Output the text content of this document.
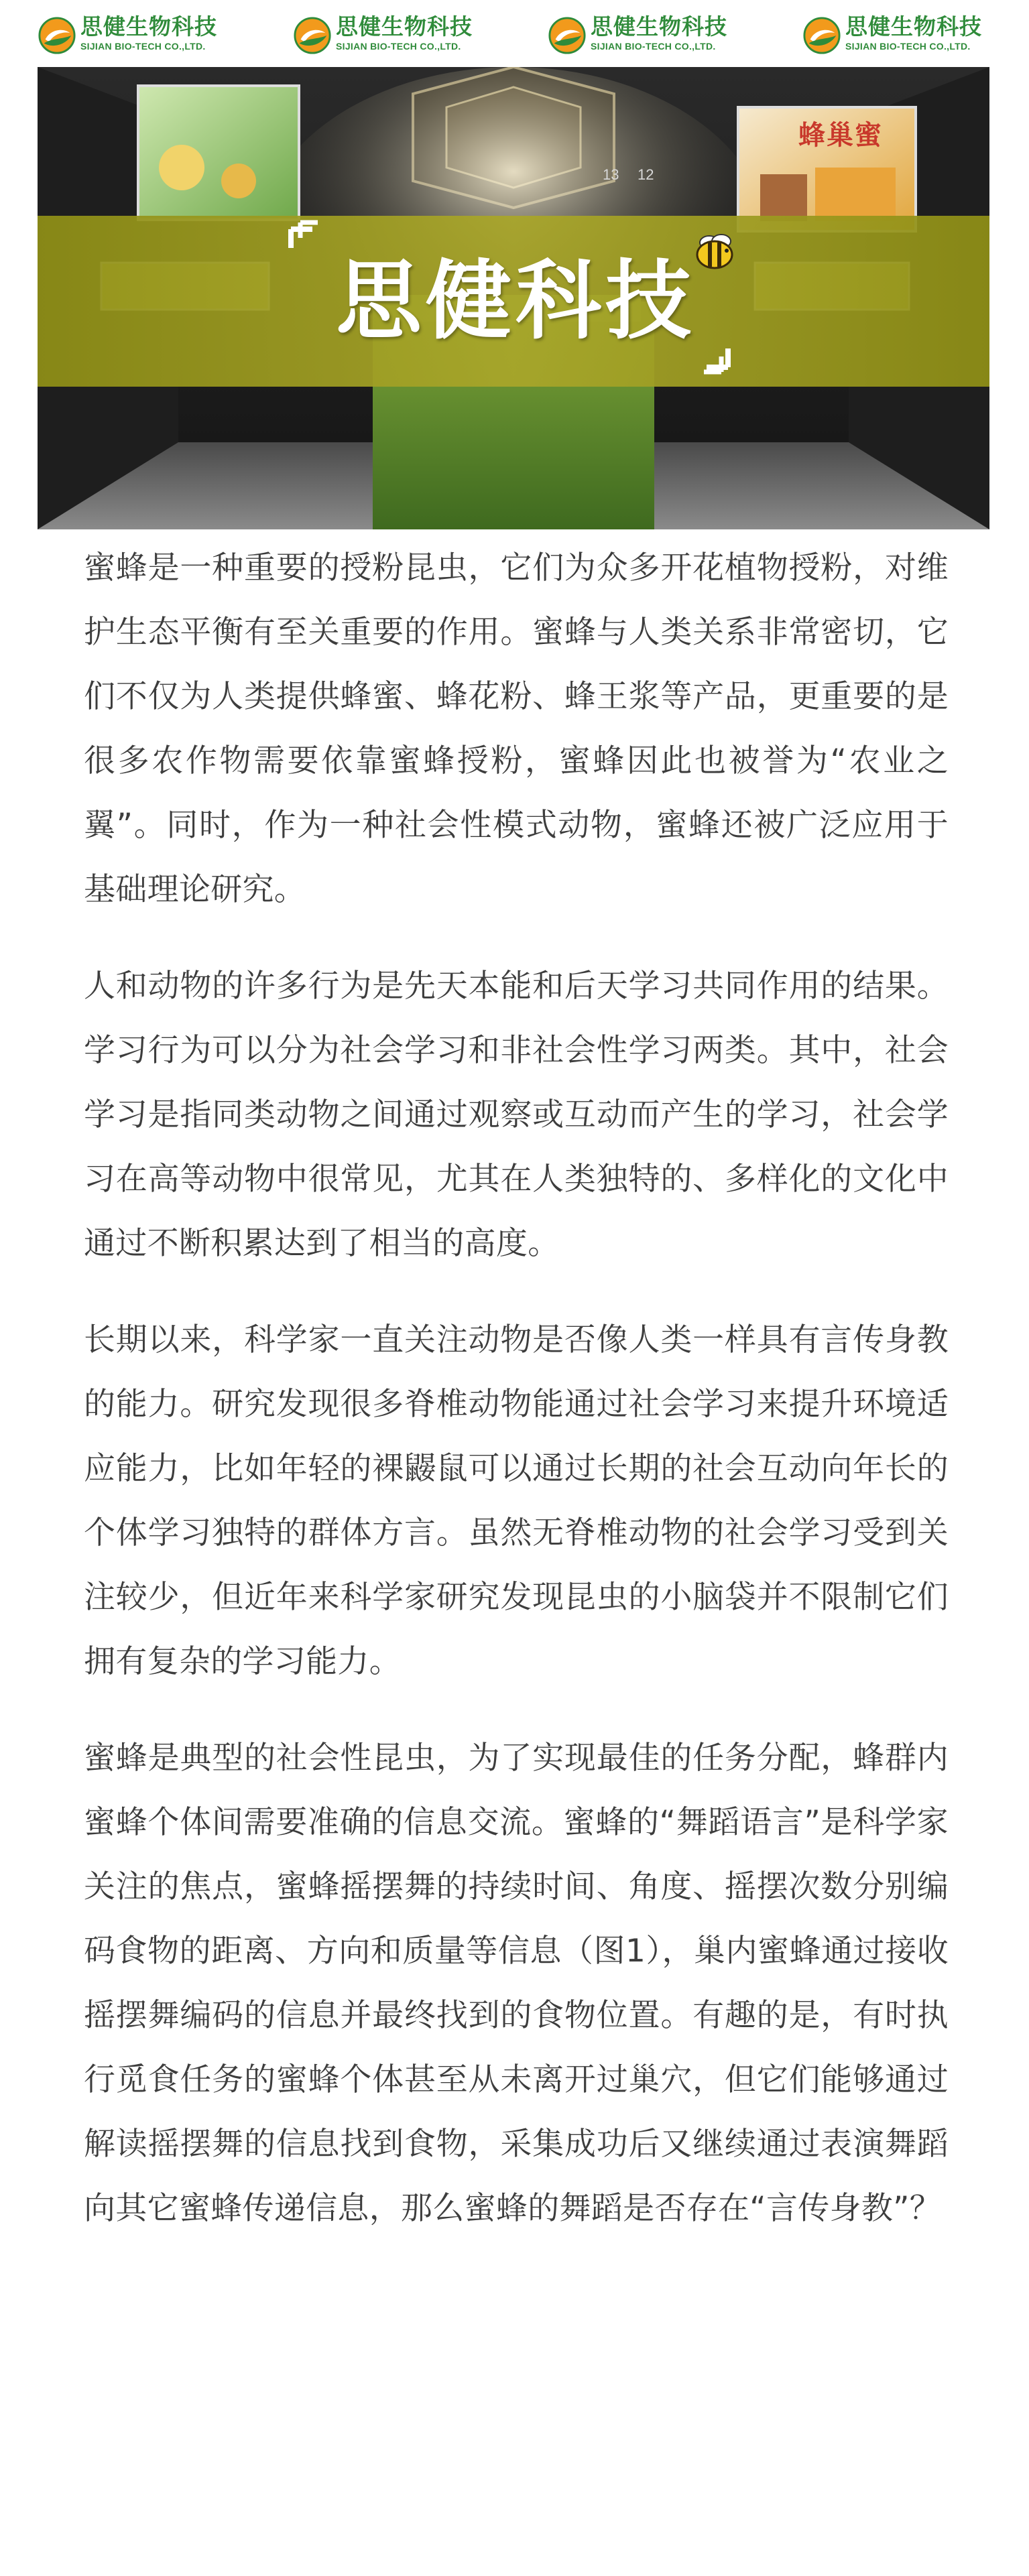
思健生物科技
SIJIAN BIO-TECH CO.,LTD.
思健生物科技
SIJIAN BIO-TECH CO.,LTD.
思健生物科技
SIJIAN BIO-TECH CO.,LTD.
思健生物科技
SIJIAN BIO-TECH CO.,LTD.
13 12
蜂巢蜜
思健科技

蜜蜂是一种重要的授粉昆虫，它们为众多开花植物授粉，对维护生态平衡有至关重要的作用。蜜蜂与人类关系非常密切，它们不仅为人类提供蜂蜜、蜂花粉、蜂王浆等产品，更重要的是很多农作物需要依靠蜜蜂授粉，蜜蜂因此也被誉为“农业之翼”。同时，作为一种社会性模式动物，蜜蜂还被广泛应用于基础理论研究。

人和动物的许多行为是先天本能和后天学习共同作用的结果。学习行为可以分为社会学习和非社会性学习两类。其中，社会学习是指同类动物之间通过观察或互动而产生的学习，社会学习在高等动物中很常见，尤其在人类独特的、多样化的文化中通过不断积累达到了相当的高度。

长期以来，科学家一直关注动物是否像人类一样具有言传身教的能力。研究发现很多脊椎动物能通过社会学习来提升环境适应能力，比如年轻的裸鼹鼠可以通过长期的社会互动向年长的个体学习独特的群体方言。虽然无脊椎动物的社会学习受到关注较少，但近年来科学家研究发现昆虫的小脑袋并不限制它们拥有复杂的学习能力。

蜜蜂是典型的社会性昆虫，为了实现最佳的任务分配，蜂群内蜜蜂个体间需要准确的信息交流。蜜蜂的“舞蹈语言”是科学家关注的焦点，蜜蜂摇摆舞的持续时间、角度、摇摆次数分别编码食物的距离、方向和质量等信息（图1），巢内蜜蜂通过接收摇摆舞编码的信息并最终找到的食物位置。有趣的是，有时执行觅食任务的蜜蜂个体甚至从未离开过巢穴，但它们能够通过解读摇摆舞的信息找到食物，采集成功后又继续通过表演舞蹈向其它蜜蜂传递信息，那么蜜蜂的舞蹈是否存在“言传身教”？
